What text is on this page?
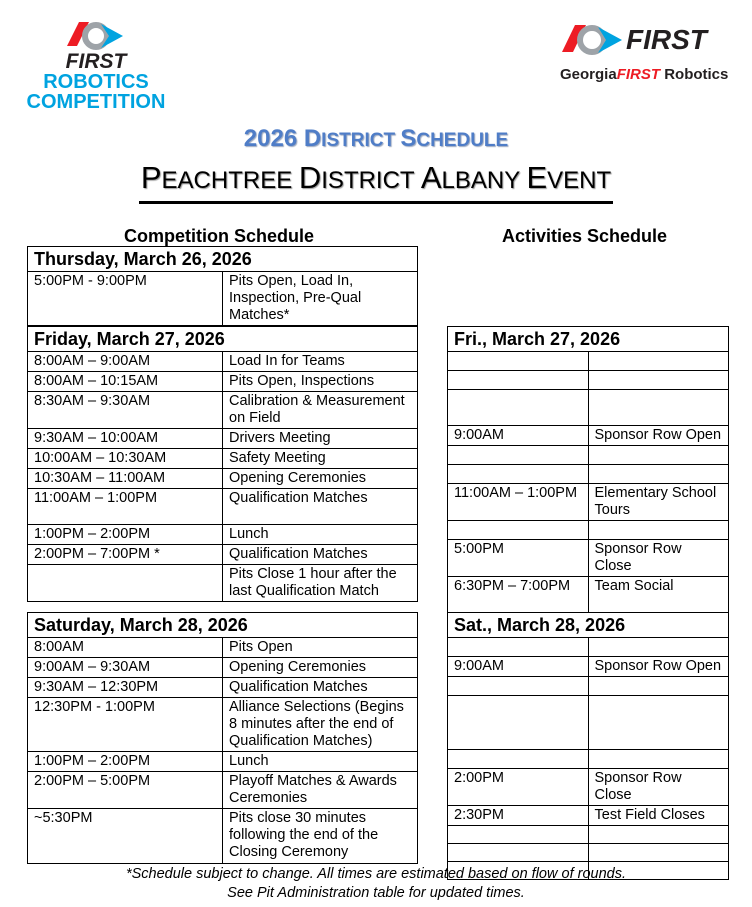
FIRST
ROBOTICS
COMPETITION
FIRST
GeorgiaFIRST Robotics
2026 DISTRICT SCHEDULE
PEACHTREE DISTRICT ALBANY EVENT
Competition Schedule	Activities Schedule
Thursday, March 26, 2026
5:00PM - 9:00PM	Pits Open, Load In, Inspection, Pre-Qual Matches*
Friday, March 27, 2026	
8:00AM – 9:00AM	Load In for Teams
8:00AM – 10:15AM	Pits Open, Inspections
8:30AM – 9:30AM	Calibration & Measurement on Field
9:30AM – 10:00AM	Drivers Meeting
10:00AM – 10:30AM	Safety Meeting
10:30AM – 11:00AM	Opening Ceremonies
11:00AM – 1:00PM	Qualification Matches
1:00PM – 2:00PM	Lunch
2:00PM – 7:00PM *	Qualification Matches
	Pits Close 1 hour after the last Qualification Match
Fri., March 27, 2026	

9:00AM	Sponsor Row Open

11:00AM – 1:00PM	Elementary School Tours

5:00PM	Sponsor Row Close
6:30PM – 7:00PM	Team Social
Saturday, March 28, 2026	
8:00AM	Pits Open
9:00AM – 9:30AM	Opening Ceremonies
9:30AM – 12:30PM	Qualification Matches
12:30PM - 1:00PM	Alliance Selections (Begins 8 minutes after the end of Qualification Matches)
1:00PM – 2:00PM	Lunch
2:00PM – 5:00PM	Playoff Matches & Awards Ceremonies
~5:30PM	Pits close 30 minutes following the end of the Closing Ceremony
Sat., March 28, 2026	

9:00AM	Sponsor Row Open

2:00PM	Sponsor Row Close
2:30PM	Test Field Closes

*Schedule subject to change. All times are estimated based on flow of rounds.
See Pit Administration table for updated times.
